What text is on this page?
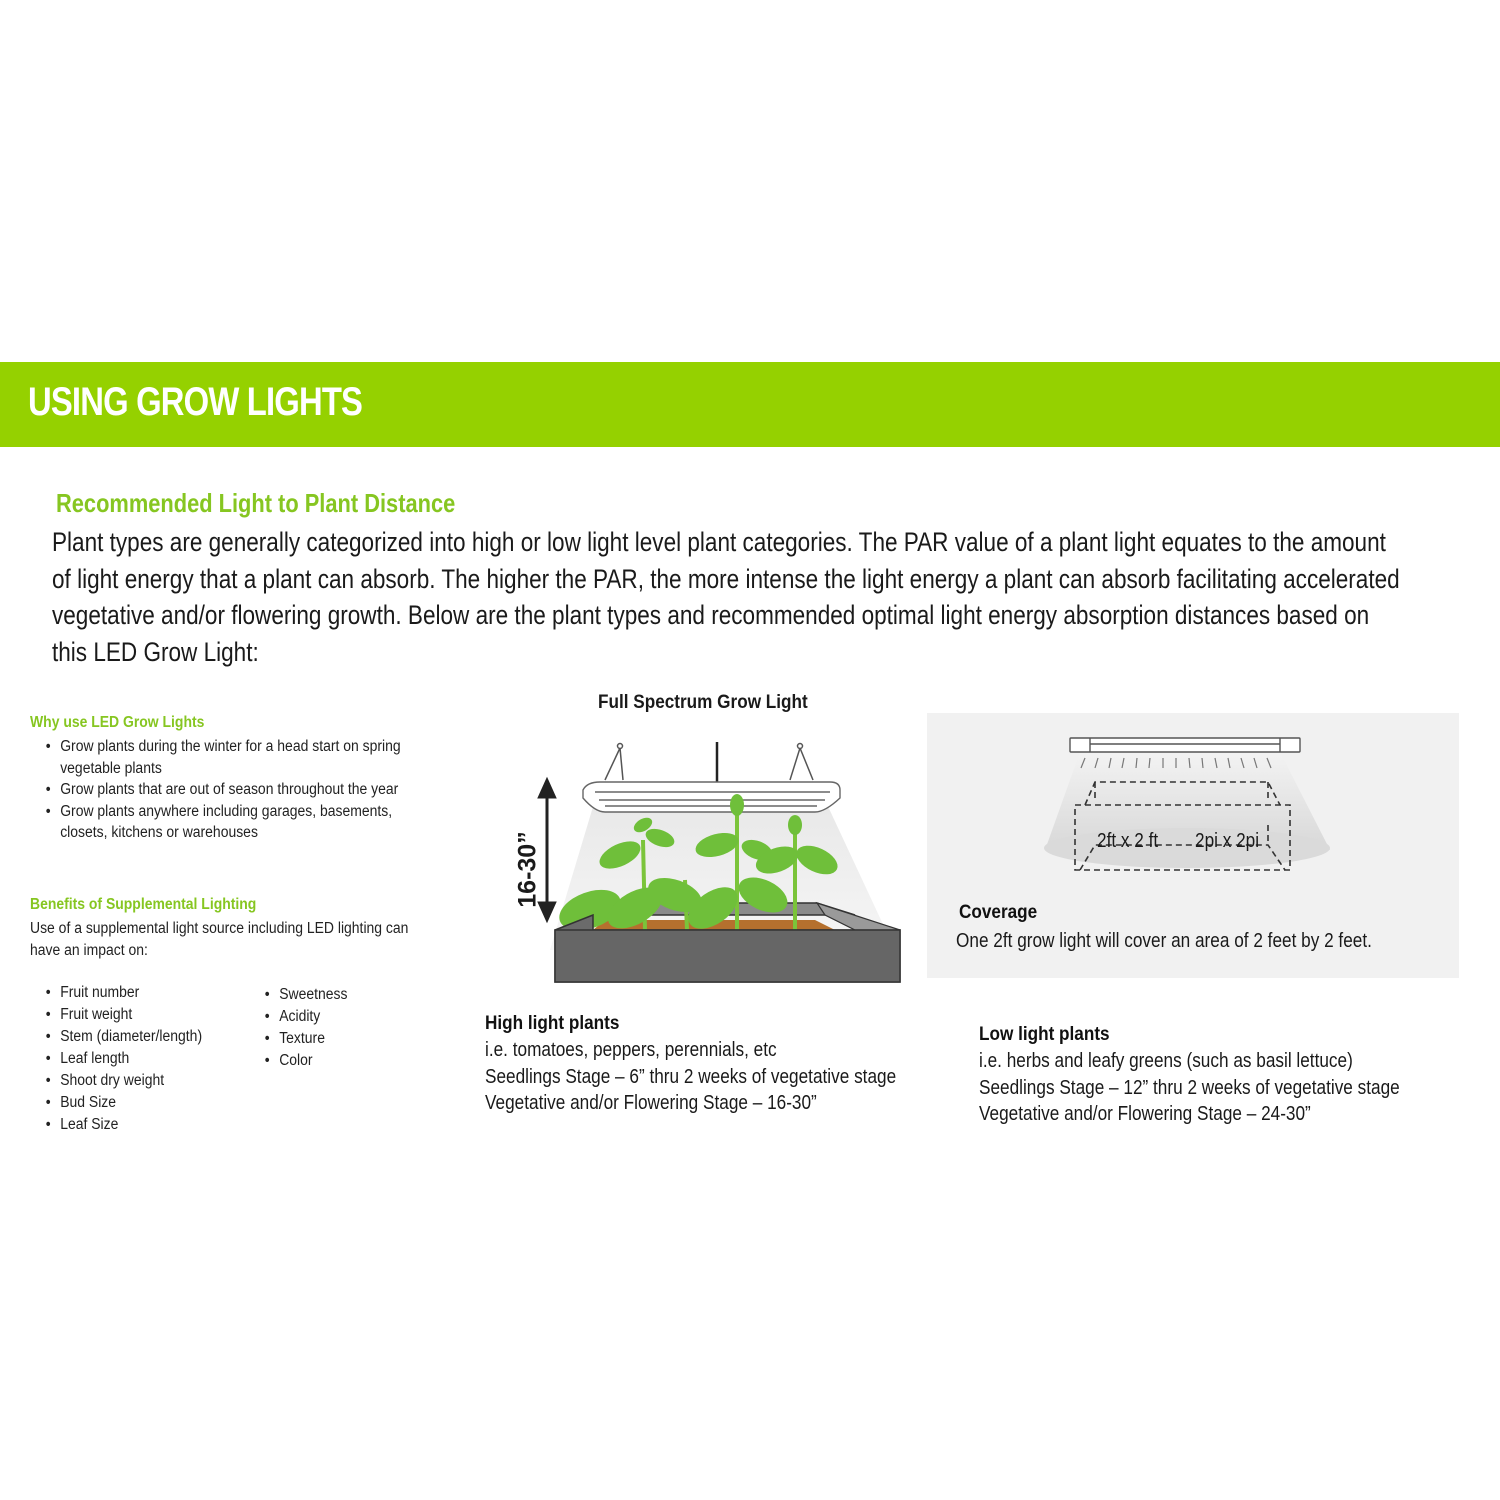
USING GROW LIGHTS
Recommended Light to Plant Distance

Plant types are generally categorized into high or low light level plant categories. The PAR value of a plant light equates to the amount

of light energy that a plant can absorb. The higher the PAR, the more intense the light energy a plant can absorb facilitating accelerated

vegetative and/or flowering growth. Below are the plant types and recommended optimal light energy absorption distances based on

this LED Grow Light:

Why use LED Grow Lights
• Grow plants during the winter for a head start on spring
vegetable plants
• Grow plants that are out of season throughout the year
• Grow plants anywhere including garages, basements,
closets, kitchens or warehouses
Benefits of Supplemental Lighting
Use of a supplemental light source including LED lighting can
have an impact on:
• Fruit number
• Fruit weight
• Stem (diameter/length)
• Leaf length
• Shoot dry weight
• Bud Size
• Leaf Size
• Sweetness
• Acidity
• Texture
• Color
Full Spectrum Grow Light
16-30”	2ft x 2 ft 2pi x 2pi
Coverage
One 2ft grow light will cover an area of 2 feet by 2 feet.
High light plants
i.e. tomatoes, peppers, perennials, etc
Seedlings Stage – 6” thru 2 weeks of vegetative stage
Vegetative and/or Flowering Stage – 16-30”
Low light plants
i.e. herbs and leafy greens (such as basil lettuce)
Seedlings Stage – 12” thru 2 weeks of vegetative stage
Vegetative and/or Flowering Stage – 24-30”
